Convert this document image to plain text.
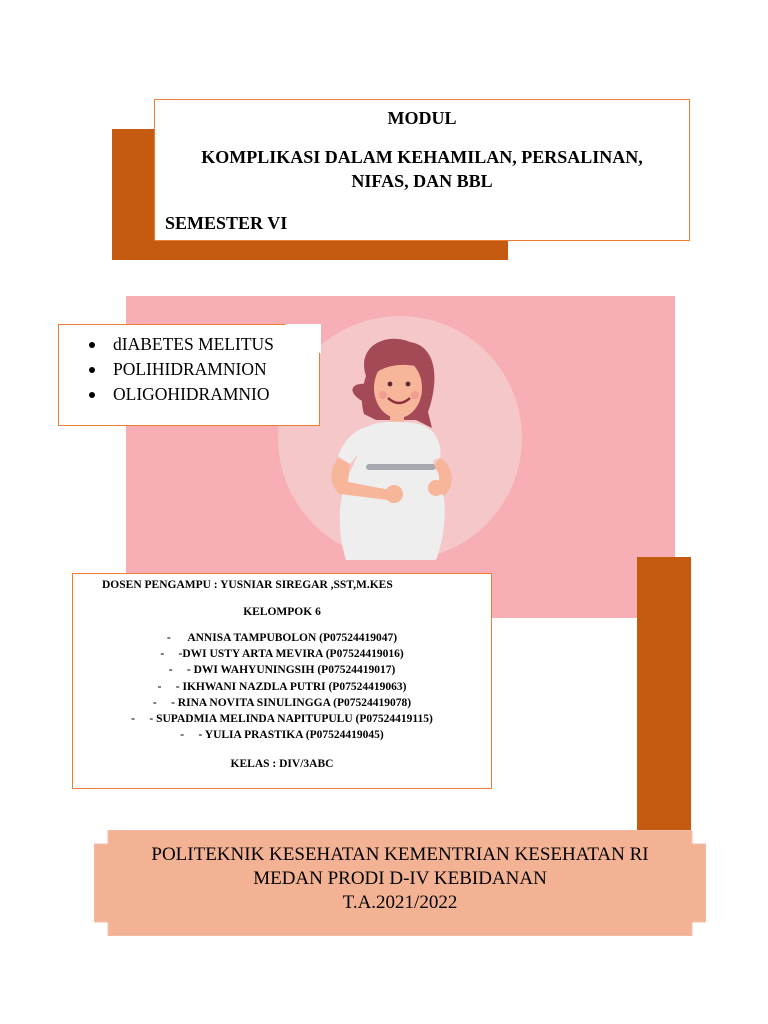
MODUL
KOMPLIKASI DALAM KEHAMILAN, PERSALINAN,
NIFAS, DAN BBL
SEMESTER VI
dIABETES MELITUS
POLIHIDRAMNION
OLIGOHIDRAMNIO
DOSEN PENGAMPU : YUSNIAR SIREGAR ,SST,M.KES
KELOMPOK 6
-      ANNISA TAMPUBOLON (P07524419047)
-     -DWI USTY ARTA MEVIRA (P07524419016)
-     - DWI WAHYUNINGSIH (P07524419017)
-     - IKHWANI NAZDLA PUTRI (P07524419063)
-     - RINA NOVITA SINULINGGA (P07524419078)
-     - SUPADMIA MELINDA NAPITUPULU (P07524419115)
-     - YULIA PRASTIKA (P07524419045)
KELAS : DIV/3ABC
POLITEKNIK KESEHATAN KEMENTRIAN KESEHATAN RI
MEDAN PRODI D-IV KEBIDANAN
T.A.2021/2022
